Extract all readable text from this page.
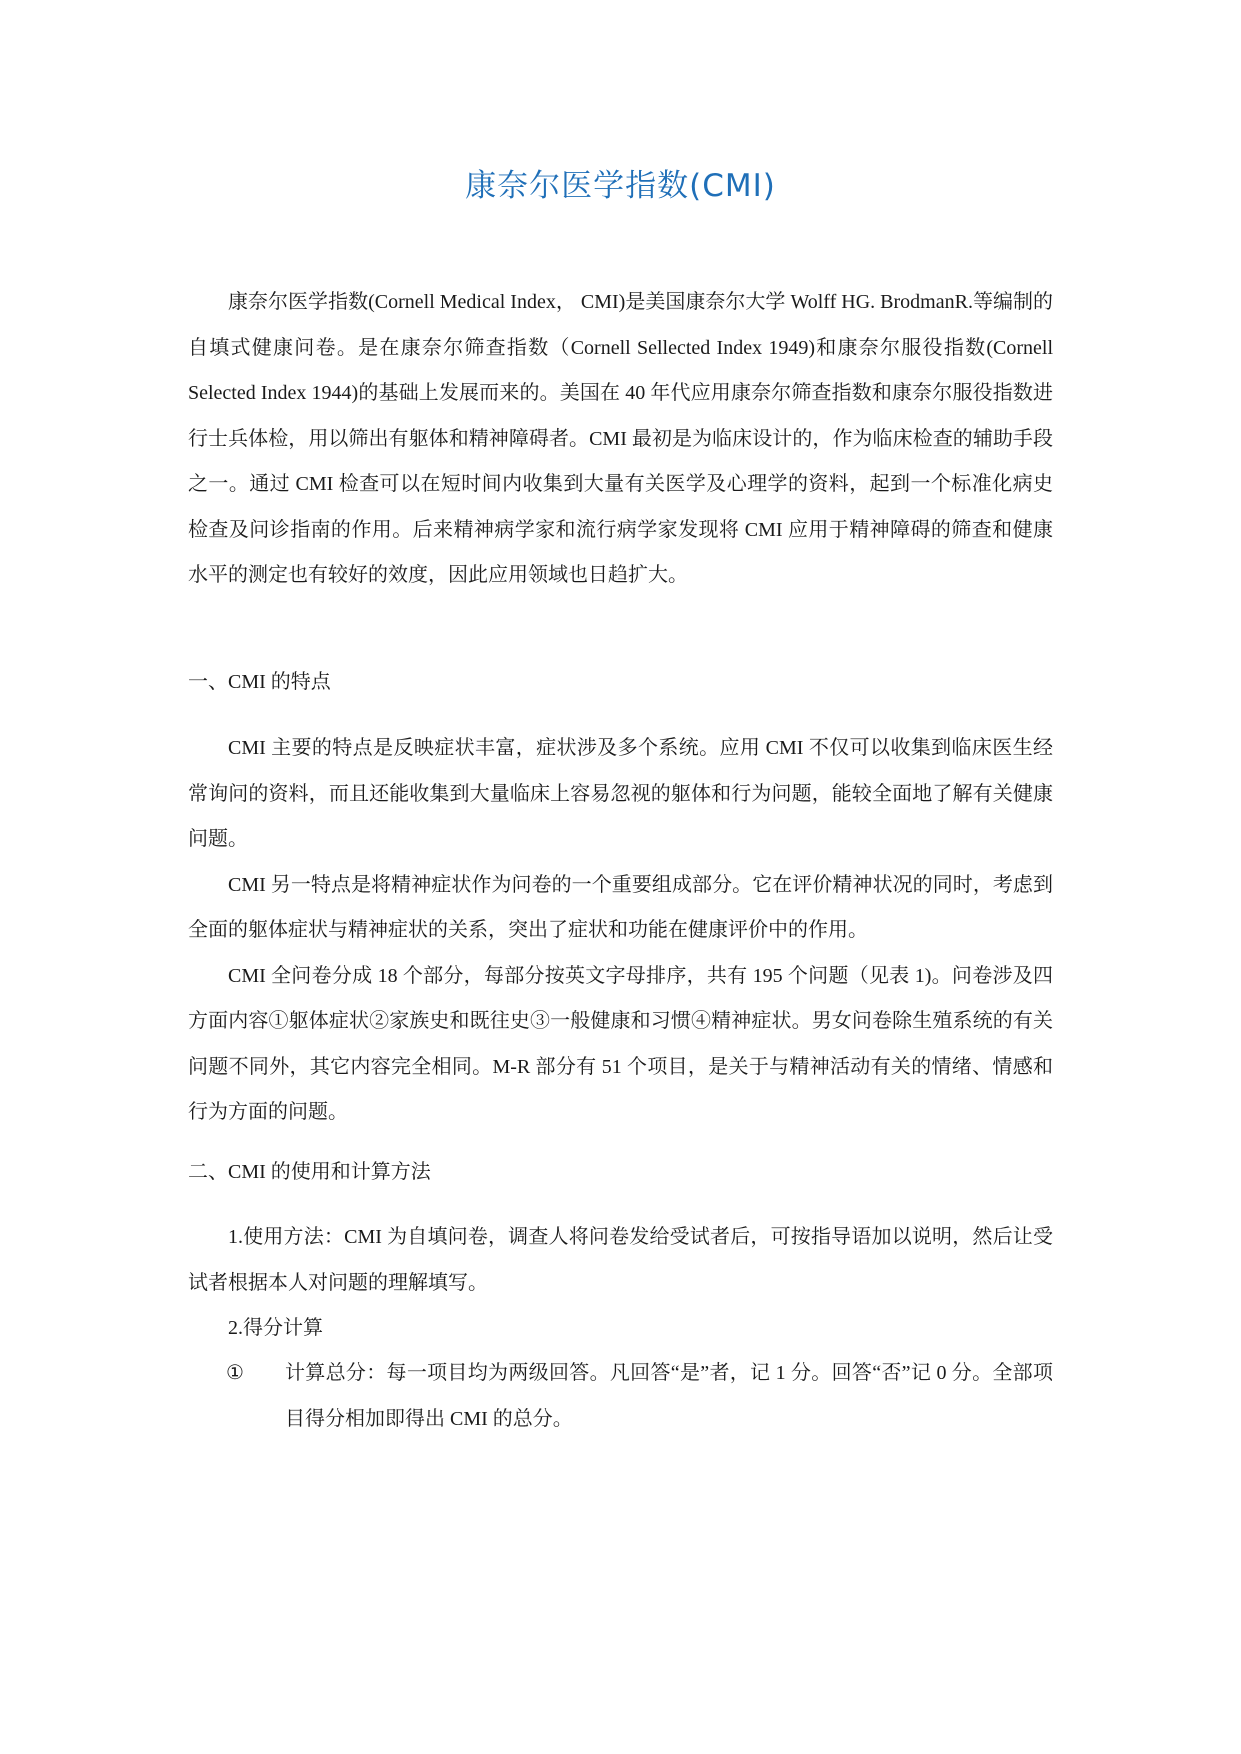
康奈尔医学指数(CMI)

康奈尔医学指数(Cornell Medical Index， CMI)是美国康奈尔大学 Wolff HG. BrodmanR.等编制的自填式健康问卷。是在康奈尔筛查指数（Cornell Sellected Index 1949)和康奈尔服役指数(Cornell Selected Index 1944)的基础上发展而来的。美国在 40 年代应用康奈尔筛查指数和康奈尔服役指数进行士兵体检，用以筛出有躯体和精神障碍者。CMI 最初是为临床设计的，作为临床检查的辅助手段之一。通过 CMI 检查可以在短时间内收集到大量有关医学及心理学的资料，起到一个标准化病史检查及问诊指南的作用。后来精神病学家和流行病学家发现将 CMI 应用于精神障碍的筛查和健康水平的测定也有较好的效度，因此应用领域也日趋扩大。

一、CMI 的特点

CMI 主要的特点是反映症状丰富，症状涉及多个系统。应用 CMI 不仅可以收集到临床医生经常询问的资料，而且还能收集到大量临床上容易忽视的躯体和行为问题，能较全面地了解有关健康问题。

CMI 另一特点是将精神症状作为问卷的一个重要组成部分。它在评价精神状况的同时，考虑到全面的躯体症状与精神症状的关系，突出了症状和功能在健康评价中的作用。

CMI 全问卷分成 18 个部分，每部分按英文字母排序，共有 195 个问题（见表 1)。问卷涉及四方面内容①躯体症状②家族史和既往史③一般健康和习惯④精神症状。男女问卷除生殖系统的有关问题不同外，其它内容完全相同。M-R 部分有 51 个项目，是关于与精神活动有关的情绪、情感和行为方面的问题。

二、CMI 的使用和计算方法

1.使用方法：CMI 为自填问卷，调查人将问卷发给受试者后，可按指导语加以说明，然后让受试者根据本人对问题的理解填写。

2.得分计算

① 计算总分：每一项目均为两级回答。凡回答“是”者，记 1 分。回答“否”记 0 分。全部项目得分相加即得出 CMI 的总分。
